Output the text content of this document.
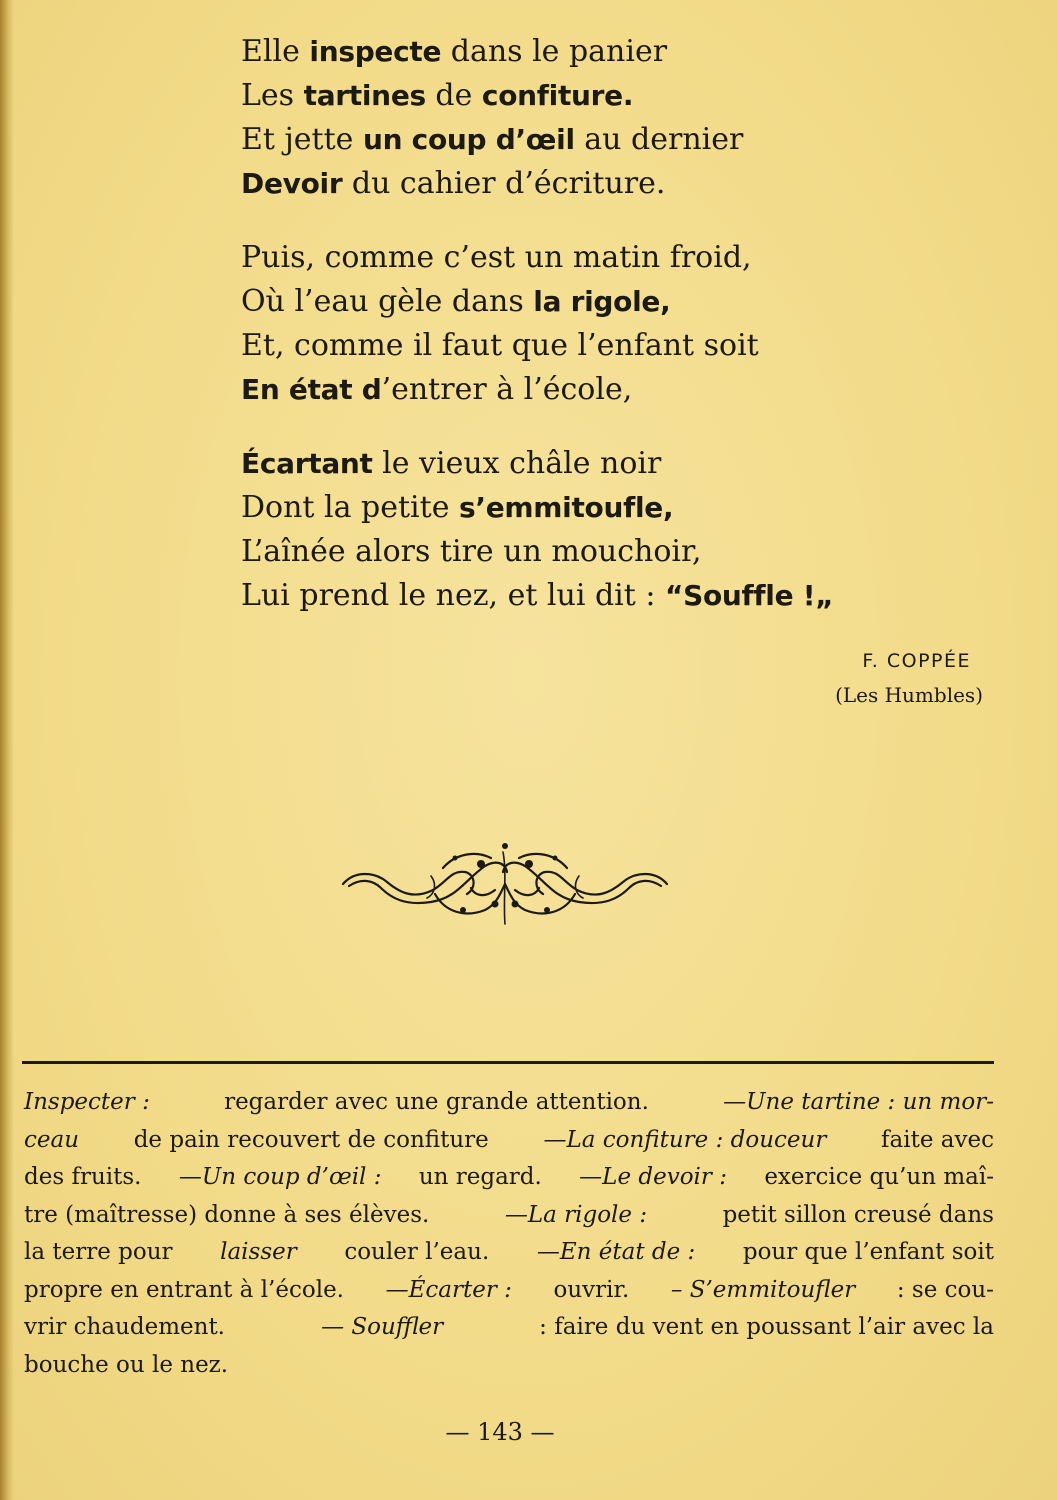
Elle inspecte dans le panier
Les tartines de confiture.
Et jette un coup d’œil au dernier
Devoir du cahier d’écriture.
Puis, comme c’est un matin froid,
Où l’eau gèle dans la rigole,
Et, comme il faut que l’enfant soit
En état d’entrer à l’école,
Écartant le vieux châle noir
Dont la petite s’emmitoufle,
L’aînée alors tire un mouchoir,
Lui prend le nez, et lui dit : “Souffle !„
F. COPPÉE
(Les Humbles)
Inspecter :	regarder avec une grande attention.	—Une tartine : un mor-
ceau de pain recouvert de confiture —La confiture : douceur faite avec
des fruits. —Un coup d’œil : un regard. —Le devoir : exercice qu’un maî-
tre (maîtresse) donne à ses élèves.	—La rigole :	petit sillon creusé dans
la terre pour laisser couler l’eau. —En état de : pour que l’enfant soit
propre en entrant à l’école. —Écarter : ouvrir. – S’emmitoufler : se cou-
vrir chaudement.	— Souffler	: faire du vent en poussant l’air avec la
bouche ou le nez.
— 143 —
